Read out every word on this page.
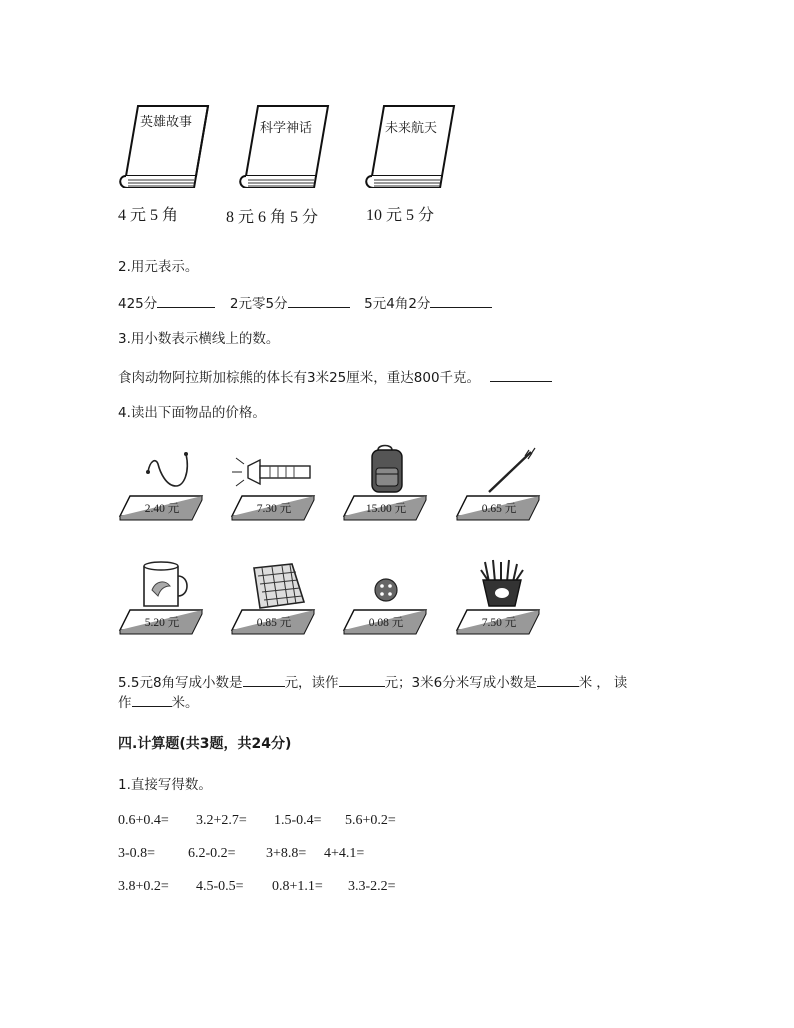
英雄故事
4 元 5 角
科学神话
8 元 6 角 5 分
未来航天
10 元 5 分
2.用元表示。
425分	2元零5分	5元4角2分
3.用小数表示横线上的数。
食肉动物阿拉斯加棕熊的体长有3米25厘米，重达800千克。
4.读出下面物品的价格。
2.40 元	7.30 元	15.00 元	0.65 元
5.20 元	0.85 元	0.08 元	7.50 元
5.5元8角写成小数是	元，读作	元；3米6分米写成小数是	米，读
作	米。
四.计算题(共3题，共24分)
1.直接写得数。
0.6+0.4= 3.2+2.7= 1.5-0.4= 5.6+0.2=
3-0.8= 6.2-0.2= 3+8.8= 4+4.1=
3.8+0.2= 4.5-0.5= 0.8+1.1= 3.3-2.2=
